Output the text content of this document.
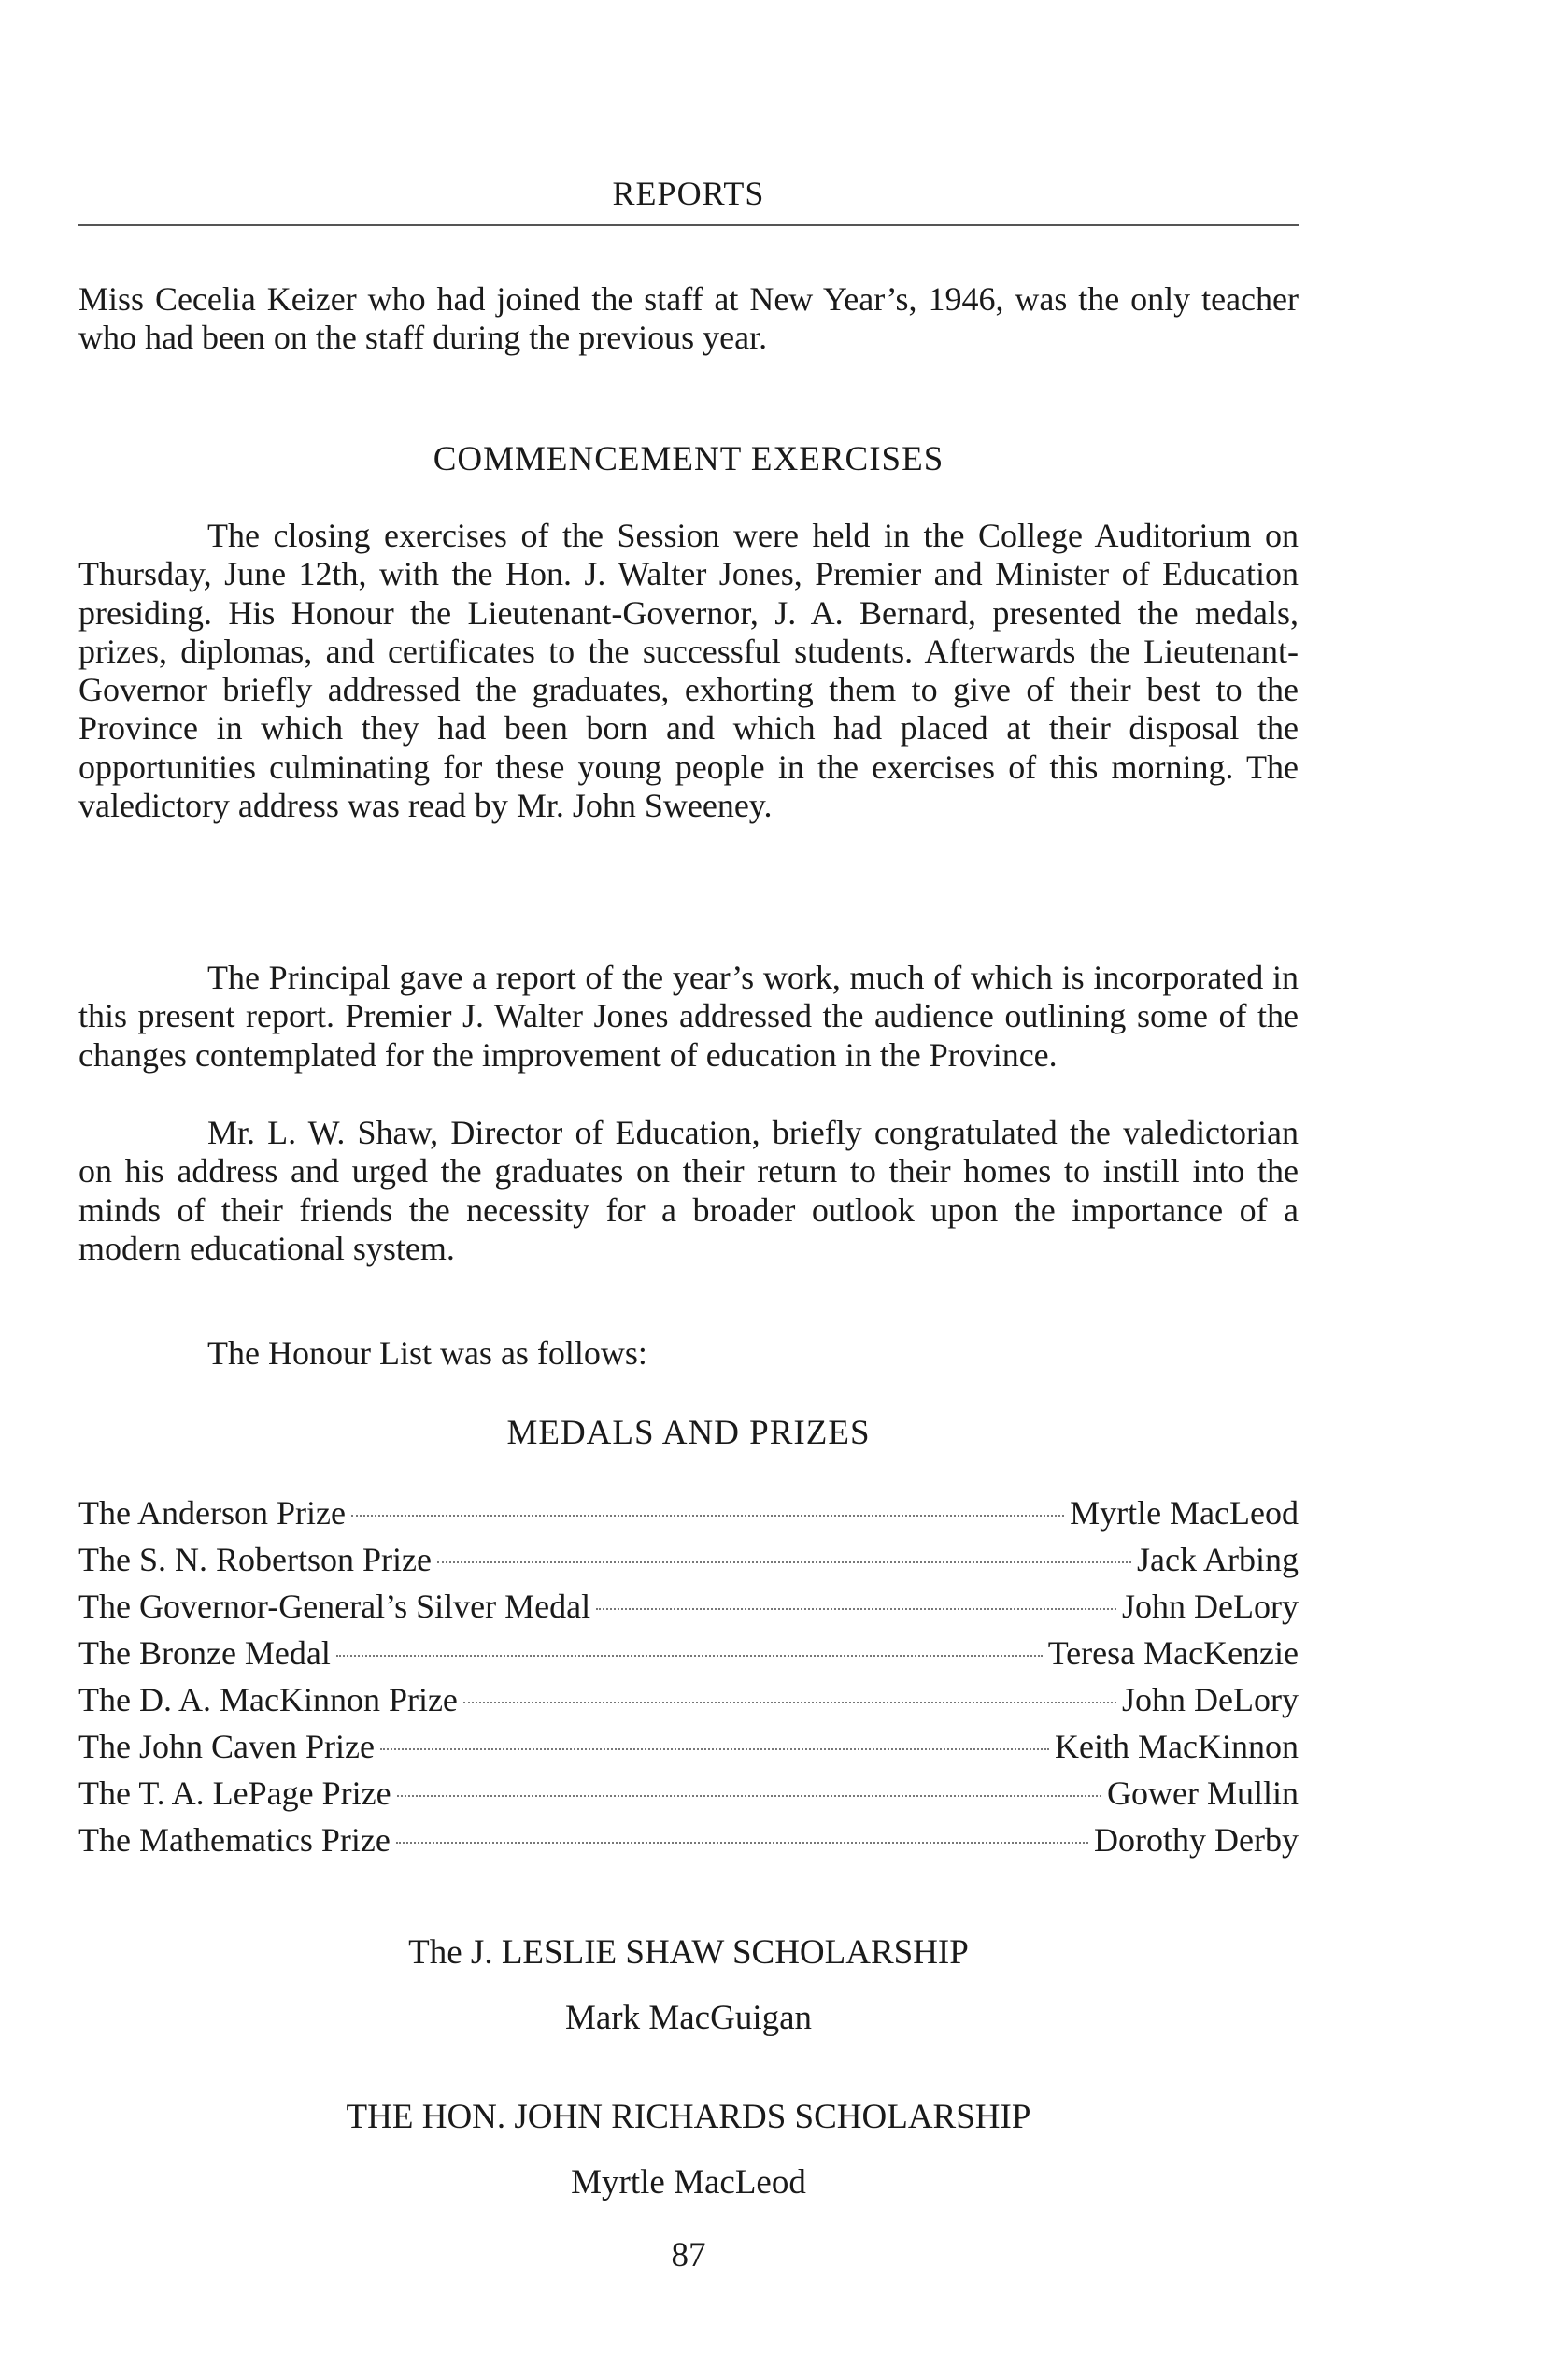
REPORTS

Miss Cecelia Keizer who had joined the staff at New Year’s, 1946, was the only teacher who had been on the staff during the previous year.

COMMENCEMENT EXERCISES

The closing exercises of the Session were held in the College Auditorium on Thursday, June 12th, with the Hon. J. Walter Jones, Premier and Minister of Education presiding. His Honour the Lieutenant-Governor, J. A. Bernard, presented the medals, prizes, diplomas, and certificates to the successful students. Afterwards the Lieutenant-Governor briefly addressed the graduates, exhorting them to give of their best to the Province in which they had been born and which had placed at their disposal the opportunities culminating for these young people in the exercises of this morning. The valedictory address was read by Mr. John Sweeney.

The Principal gave a report of the year’s work, much of which is incorporated in this present report. Premier J. Walter Jones addressed the audience outlining some of the changes contemplated for the improvement of education in the Province.

Mr. L. W. Shaw, Director of Education, briefly congratulated the valedictorian on his address and urged the graduates on their return to their homes to instill into the minds of their friends the necessity for a broader outlook upon the importance of a modern educational system.

The Honour List was as follows:

MEDALS AND PRIZES
The Anderson Prize	Myrtle MacLeod
The S. N. Robertson Prize	Jack Arbing
The Governor-General’s Silver Medal	John DeLory
The Bronze Medal	Teresa MacKenzie
The D. A. MacKinnon Prize	John DeLory
The John Caven Prize	Keith MacKinnon
The T. A. LePage Prize	Gower Mullin
The Mathematics Prize	Dorothy Derby
The J. LESLIE SHAW SCHOLARSHIP
Mark MacGuigan
THE HON. JOHN RICHARDS SCHOLARSHIP
Myrtle MacLeod
87
